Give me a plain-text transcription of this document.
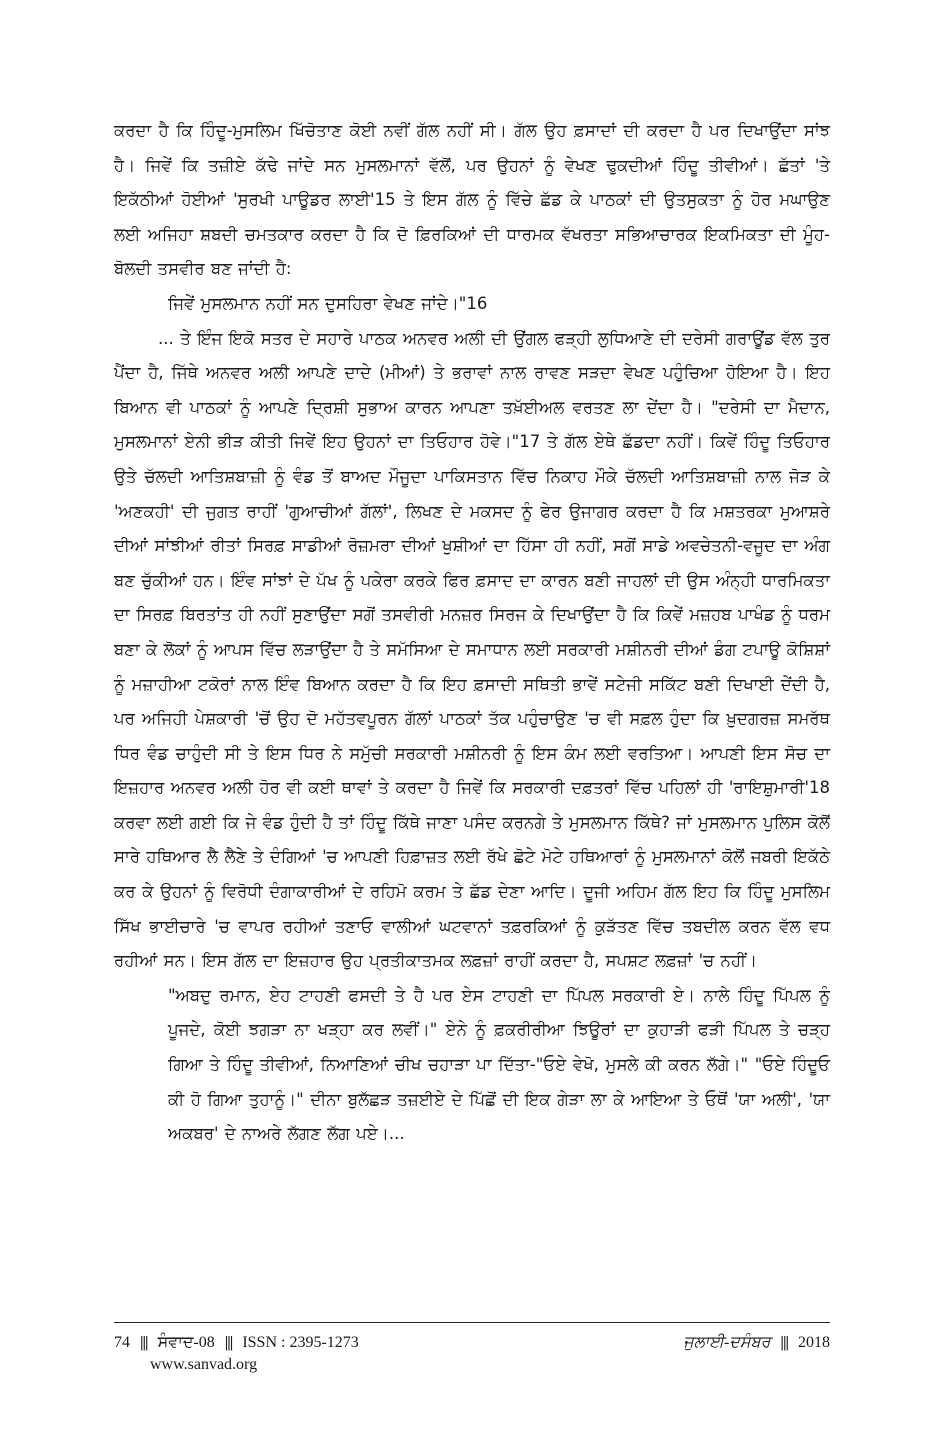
ਕਰਦਾ ਹੈ ਕਿ ਹਿੰਦੂ-ਮੁਸਲਿਮ ਖਿੱਚੋਤਾਣ ਕੋਈ ਨਵੀਂ ਗੱਲ ਨਹੀਂ ਸੀ। ਗੱਲ ਉਹ ਫ਼ਸਾਦਾਂ ਦੀ ਕਰਦਾ ਹੈ ਪਰ ਦਿਖਾਉਂਦਾ ਸਾਂਝ ਹੈ। ਜਿਵੇਂ ਕਿ ਤਜ਼ੀਏ ਕੱਢੇ ਜਾਂਦੇ ਸਨ ਮੁਸਲਮਾਨਾਂ ਵੱਲੋਂ, ਪਰ ਉਹਨਾਂ ਨੂੰ ਵੇਖਣ ਢੁਕਦੀਆਂ ਹਿੰਦੂ ਤੀਵੀਆਂ। ਛੱਤਾਂ 'ਤੇ ਇਕੱਠੀਆਂ ਹੋਈਆਂ 'ਸੁਰਖੀ ਪਾਊਡਰ ਲਾਈ'15 ਤੇ ਇਸ ਗੱਲ ਨੂੰ ਵਿੱਚੇ ਛੱਡ ਕੇ ਪਾਠਕਾਂ ਦੀ ਉਤਸੁਕਤਾ ਨੂੰ ਹੋਰ ਮਘਾਉਣ ਲਈ ਅਜਿਹਾ ਸ਼ਬਦੀ ਚਮਤਕਾਰ ਕਰਦਾ ਹੈ ਕਿ ਦੋ ਫ਼ਿਰਕਿਆਂ ਦੀ ਧਾਰਮਕ ਵੱਖਰਤਾ ਸਭਿਆਚਾਰਕ ਇਕਮਿਕਤਾ ਦੀ ਮੂੰਹ-ਬੋਲਦੀ ਤਸਵੀਰ ਬਣ ਜਾਂਦੀ ਹੈ:

ਜਿਵੇਂ ਮੁਸਲਮਾਨ ਨਹੀਂ ਸਨ ਦੁਸਹਿਰਾ ਵੇਖਣ ਜਾਂਦੇ।"16

... ਤੇ ਇੰਜ ਇਕੋ ਸਤਰ ਦੇ ਸਹਾਰੇ ਪਾਠਕ ਅਨਵਰ ਅਲੀ ਦੀ ਉਂਗਲ ਫੜ੍ਹੀ ਲੁਧਿਆਣੇ ਦੀ ਦਰੇਸੀ ਗਰਾਊਂਡ ਵੱਲ ਤੁਰ ਪੈਂਦਾ ਹੈ, ਜਿੱਥੇ ਅਨਵਰ ਅਲੀ ਆਪਣੇ ਦਾਦੇ (ਮੀਆਂ) ਤੇ ਭਰਾਵਾਂ ਨਾਲ ਰਾਵਣ ਸੜਦਾ ਵੇਖਣ ਪਹੁੰਚਿਆ ਹੋਇਆ ਹੈ। ਇਹ ਬਿਆਨ ਵੀ ਪਾਠਕਾਂ ਨੂੰ ਆਪਣੇ ਦ੍ਰਿਸ਼ੀ ਸੁਭਾਅ ਕਾਰਨ ਆਪਣਾ ਤਖ਼ੱਈਅਲ ਵਰਤਣ ਲਾ ਦੇਂਦਾ ਹੈ। "ਦਰੇਸੀ ਦਾ ਮੈਦਾਨ, ਮੁਸਲਮਾਨਾਂ ਏਨੀ ਭੀੜ ਕੀਤੀ ਜਿਵੇਂ ਇਹ ਉਹਨਾਂ ਦਾ ਤਿਓਹਾਰ ਹੋਵੇ।"17 ਤੇ ਗੱਲ ਏਥੇ ਛੱਡਦਾ ਨਹੀਂ। ਕਿਵੇਂ ਹਿੰਦੂ ਤਿਓਹਾਰ ਉਤੇ ਚੱਲਦੀ ਆਤਿਸ਼ਬਾਜ਼ੀ ਨੂੰ ਵੰਡ ਤੋਂ ਬਾਅਦ ਮੌਜੂਦਾ ਪਾਕਿਸਤਾਨ ਵਿੱਚ ਨਿਕਾਹ ਮੌਕੇ ਚੱਲਦੀ ਆਤਿਸ਼ਬਾਜ਼ੀ ਨਾਲ ਜੋੜ ਕੇ 'ਅਣਕਹੀ' ਦੀ ਜੁਗਤ ਰਾਹੀਂ 'ਗੁਆਚੀਆਂ ਗੱਲਾਂ', ਲਿਖਣ ਦੇ ਮਕਸਦ ਨੂੰ ਫੇਰ ਉਜਾਗਰ ਕਰਦਾ ਹੈ ਕਿ ਮਸ਼ਤਰਕਾ ਮੁਆਸ਼ਰੇ ਦੀਆਂ ਸਾਂਝੀਆਂ ਰੀਤਾਂ ਸਿਰਫ਼ ਸਾਡੀਆਂ ਰੋਜ਼ਮਰਾ ਦੀਆਂ ਖੁਸ਼ੀਆਂ ਦਾ ਹਿੱਸਾ ਹੀ ਨਹੀਂ, ਸਗੋਂ ਸਾਡੇ ਅਵਚੇਤਨੀ-ਵਜੂਦ ਦਾ ਅੰਗ ਬਣ ਚੁੱਕੀਆਂ ਹਨ। ਇੰਵ ਸਾਂਝਾਂ ਦੇ ਪੱਖ ਨੂੰ ਪਕੇਰਾ ਕਰਕੇ ਫਿਰ ਫ਼ਸਾਦ ਦਾ ਕਾਰਨ ਬਣੀ ਜਾਹਲਾਂ ਦੀ ਉਸ ਅੰਨ੍ਹੀ ਧਾਰਮਿਕਤਾ ਦਾ ਸਿਰਫ਼ ਬਿਰਤਾਂਤ ਹੀ ਨਹੀਂ ਸੁਣਾਉਂਦਾ ਸਗੋਂ ਤਸਵੀਰੀ ਮਨਜ਼ਰ ਸਿਰਜ ਕੇ ਦਿਖਾਉਂਦਾ ਹੈ ਕਿ ਕਿਵੇਂ ਮਜ਼ਹਬ ਪਾਖੰਡ ਨੂੰ ਧਰਮ ਬਣਾ ਕੇ ਲੋਕਾਂ ਨੂੰ ਆਪਸ ਵਿੱਚ ਲੜਾਉਂਦਾ ਹੈ ਤੇ ਸਮੱਸਿਆ ਦੇ ਸਮਾਧਾਨ ਲਈ ਸਰਕਾਰੀ ਮਸ਼ੀਨਰੀ ਦੀਆਂ ਡੰਗ ਟਪਾਊ ਕੋਸ਼ਿਸ਼ਾਂ ਨੂੰ ਮਜ਼ਾਹੀਆ ਟਕੋਰਾਂ ਨਾਲ ਇੰਵ ਬਿਆਨ ਕਰਦਾ ਹੈ ਕਿ ਇਹ ਫ਼ਸਾਦੀ ਸਥਿਤੀ ਭਾਵੇਂ ਸਟੇਜੀ ਸਕਿੱਟ ਬਣੀ ਦਿਖਾਈ ਦੇਂਦੀ ਹੈ, ਪਰ ਅਜਿਹੀ ਪੇਸ਼ਕਾਰੀ 'ਚੋਂ ਉਹ ਦੋ ਮਹੱਤਵਪੂਰਨ ਗੱਲਾਂ ਪਾਠਕਾਂ ਤੱਕ ਪਹੁੰਚਾਉਣ 'ਚ ਵੀ ਸਫ਼ਲ ਹੁੰਦਾ ਕਿ ਖ਼ੁਦਗਰਜ਼ ਸਮਰੱਥ ਧਿਰ ਵੰਡ ਚਾਹੁੰਦੀ ਸੀ ਤੇ ਇਸ ਧਿਰ ਨੇ ਸਮੁੱਚੀ ਸਰਕਾਰੀ ਮਸ਼ੀਨਰੀ ਨੂੰ ਇਸ ਕੰਮ ਲਈ ਵਰਤਿਆ। ਆਪਣੀ ਇਸ ਸੋਚ ਦਾ ਇਜ਼ਹਾਰ ਅਨਵਰ ਅਲੀ ਹੋਰ ਵੀ ਕਈ ਥਾਵਾਂ ਤੇ ਕਰਦਾ ਹੈ ਜਿਵੇਂ ਕਿ ਸਰਕਾਰੀ ਦਫ਼ਤਰਾਂ ਵਿੱਚ ਪਹਿਲਾਂ ਹੀ 'ਰਾਇਸ਼ੁਮਾਰੀ'18 ਕਰਵਾ ਲਈ ਗਈ ਕਿ ਜੇ ਵੰਡ ਹੁੰਦੀ ਹੈ ਤਾਂ ਹਿੰਦੂ ਕਿੱਥੇ ਜਾਣਾ ਪਸੰਦ ਕਰਨਗੇ ਤੇ ਮੁਸਲਮਾਨ ਕਿੱਥੇ? ਜਾਂ ਮੁਸਲਮਾਨ ਪੁਲਿਸ ਕੋਲੋਂ ਸਾਰੇ ਹਥਿਆਰ ਲੈ ਲੈਣੇ ਤੇ ਦੰਗਿਆਂ 'ਚ ਆਪਣੀ ਹਿਫ਼ਾਜ਼ਤ ਲਈ ਰੱਖੇ ਛੋਟੇ ਮੋਟੇ ਹਥਿਆਰਾਂ ਨੂੰ ਮੁਸਲਮਾਨਾਂ ਕੋਲੋਂ ਜਬਰੀ ਇਕੱਠੇ ਕਰ ਕੇ ਉਹਨਾਂ ਨੂੰ ਵਿਰੋਧੀ ਦੰਗਾਕਾਰੀਆਂ ਦੇ ਰਹਿਮੋ ਕਰਮ ਤੇ ਛੱਡ ਦੇਣਾ ਆਦਿ। ਦੂਜੀ ਅਹਿਮ ਗੱਲ ਇਹ ਕਿ ਹਿੰਦੂ ਮੁਸਲਿਮ ਸਿੱਖ ਭਾਈਚਾਰੇ 'ਚ ਵਾਪਰ ਰਹੀਆਂ ਤਣਾਓ ਵਾਲੀਆਂ ਘਟਵਾਨਾਂ ਤਫ਼ਰਕਿਆਂ ਨੂੰ ਕੁੜੱਤਣ ਵਿੱਚ ਤਬਦੀਲ ਕਰਨ ਵੱਲ ਵਧ ਰਹੀਆਂ ਸਨ। ਇਸ ਗੱਲ ਦਾ ਇਜ਼ਹਾਰ ਉਹ ਪ੍ਰਤੀਕਾਤਮਕ ਲਫ਼ਜ਼ਾਂ ਰਾਹੀਂ ਕਰਦਾ ਹੈ, ਸਪਸ਼ਟ ਲਫ਼ਜ਼ਾਂ 'ਚ ਨਹੀਂ।

"ਅਬਦੁ ਰਮਾਨ, ਏਹ ਟਾਹਣੀ ਫਸਦੀ ਤੇ ਹੈ ਪਰ ਏਸ ਟਾਹਣੀ ਦਾ ਪਿੱਪਲ ਸਰਕਾਰੀ ਏ। ਨਾਲੇ ਹਿੰਦੂ ਪਿੱਪਲ ਨੂੰ ਪੂਜਦੇ, ਕੋਈ ਝਗੜਾ ਨਾ ਖੜ੍ਹਾ ਕਰ ਲਵੀਂ।" ਏਨੇ ਨੂੰ ਫ਼ਕਰੀਰੀਆ ਝਿਊਰਾਂ ਦਾ ਕੁਹਾੜੀ ਫੜੀ ਪਿੱਪਲ ਤੇ ਚੜ੍ਹ ਗਿਆ ਤੇ ਹਿੰਦੂ ਤੀਵੀਆਂ, ਨਿਆਣਿਆਂ ਚੀਖ ਚਹਾੜਾ ਪਾ ਦਿੱਤਾ-"ਓਏ ਵੇਖੋ, ਮੁਸਲੇ ਕੀ ਕਰਨ ਲੱਗੇ।" "ਓਏ ਹਿੰਦੂਓ ਕੀ ਹੋ ਗਿਆ ਤੁਹਾਨੂੰ।" ਦੀਨਾ ਬੁਲੱਛੜ ਤਜ਼ਈਏ ਦੇ ਪਿੱਛੋਂ ਦੀ ਇਕ ਗੇੜਾ ਲਾ ਕੇ ਆਇਆ ਤੇ ਓਥੋਂ 'ਯਾ ਅਲੀ', 'ਯਾ ਅਕਬਰ' ਦੇ ਨਾਅਰੇ ਲੱਗਣ ਲੱਗ ਪਏ।...

74 ||| ਸੰਵਾਦ-08 ||| ISSN : 2395-1273
www.sanvad.org
ਜੁਲਾਈ-ਦਸੰਬਰ ||| 2018
